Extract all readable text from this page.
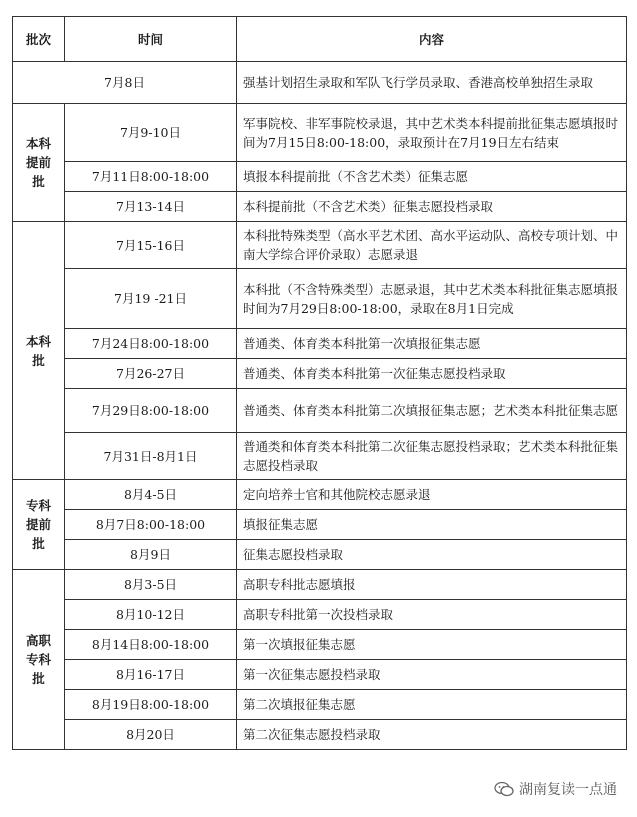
批次	时间	内容
7月8日		强基计划招生录取和军队飞行学员录取、香港高校单独招生录取
本科
提前
批	7月9-10日	军事院校、非军事院校录退，其中艺术类本科提前批征集志愿填报时间为7月15日8:00-18:00，录取预计在7月19日左右结束
	7月11日8:00-18:00	填报本科提前批（不含艺术类）征集志愿
	7月13-14日	本科提前批（不含艺术类）征集志愿投档录取
本科
批	7月15-16日	本科批特殊类型（高水平艺术团、高水平运动队、高校专项计划、中南大学综合评价录取）志愿录退
	7月19 -21日	本科批（不含特殊类型）志愿录退，其中艺术类本科批征集志愿填报时间为7月29日8:00-18:00，录取在8月1日完成
	7月24日8:00-18:00	普通类、体育类本科批第一次填报征集志愿
	7月26-27日	普通类、体育类本科批第一次征集志愿投档录取
	7月29日8:00-18:00	普通类、体育类本科批第二次填报征集志愿；艺术类本科批征集志愿
	7月31日-8月1日	普通类和体育类本科批第二次征集志愿投档录取；艺术类本科批征集志愿投档录取
专科
提前
批	8月4-5日	定向培养士官和其他院校志愿录退
	8月7日8:00-18:00	填报征集志愿
	8月9日	征集志愿投档录取
高职
专科
批	8月3-5日	高职专科批志愿填报
	8月10-12日	高职专科批第一次投档录取
	8月14日8:00-18:00	第一次填报征集志愿
	8月16-17日	第一次征集志愿投档录取
	8月19日8:00-18:00	第二次填报征集志愿
	8月20日	第二次征集志愿投档录取
湖南复读一点通
